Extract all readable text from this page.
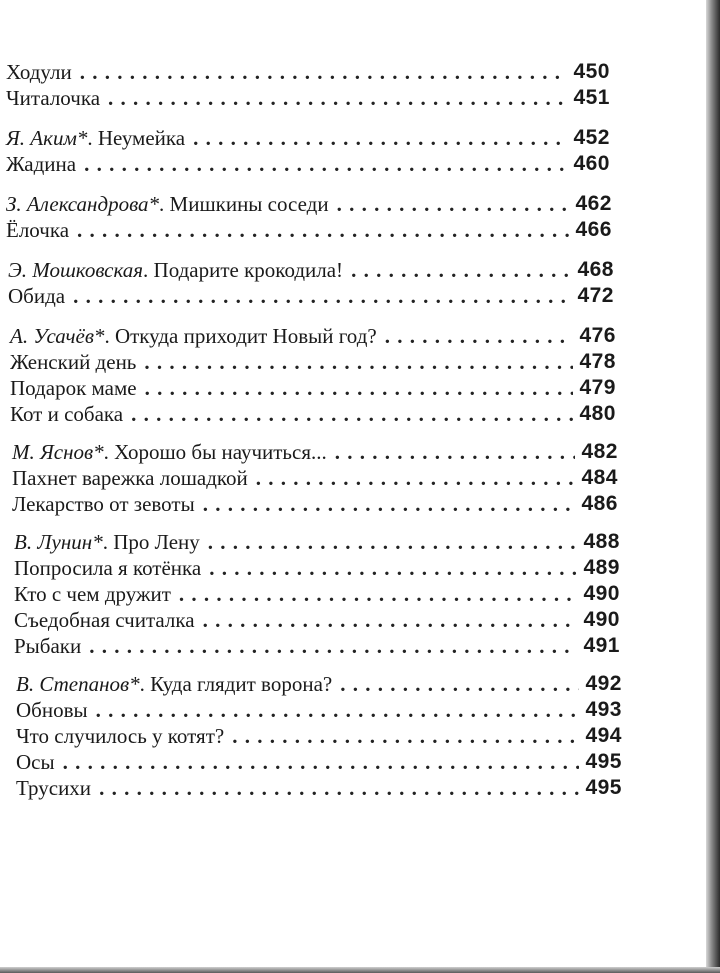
Ходули . . .	450
Читалочка . . .	451
Я. Аким* . Неумейка . . .	452
Жадина . . .	460
З. Александрова* . Мишкины соседи . . .	462
Ёлочка . . .	466
Э. Мошковская . Подарите крокодила! . . .	468
Обида . . .	472
А. Усачёв* . Откуда приходит Новый год? . . .	476
Женский день . . .	478
Подарок маме . . .	479
Кот и собака . . .	480
М. Яснов* . Хорошо бы научиться... . . .	482
Пахнет варежка лошадкой . . .	484
Лекарство от зевоты . . .	486
В. Лунин* . Про Лену . . .	488
Попросила я котёнка . . .	489
Кто с чем дружит . . .	490
Съедобная считалка . . .	490
Рыбаки . . .	491
В. Степанов* . Куда глядит ворона? . . .	492
Обновы . . .	493
Что случилось у котят? . . .	494
Осы . . .	495
Трусихи . . .	495
